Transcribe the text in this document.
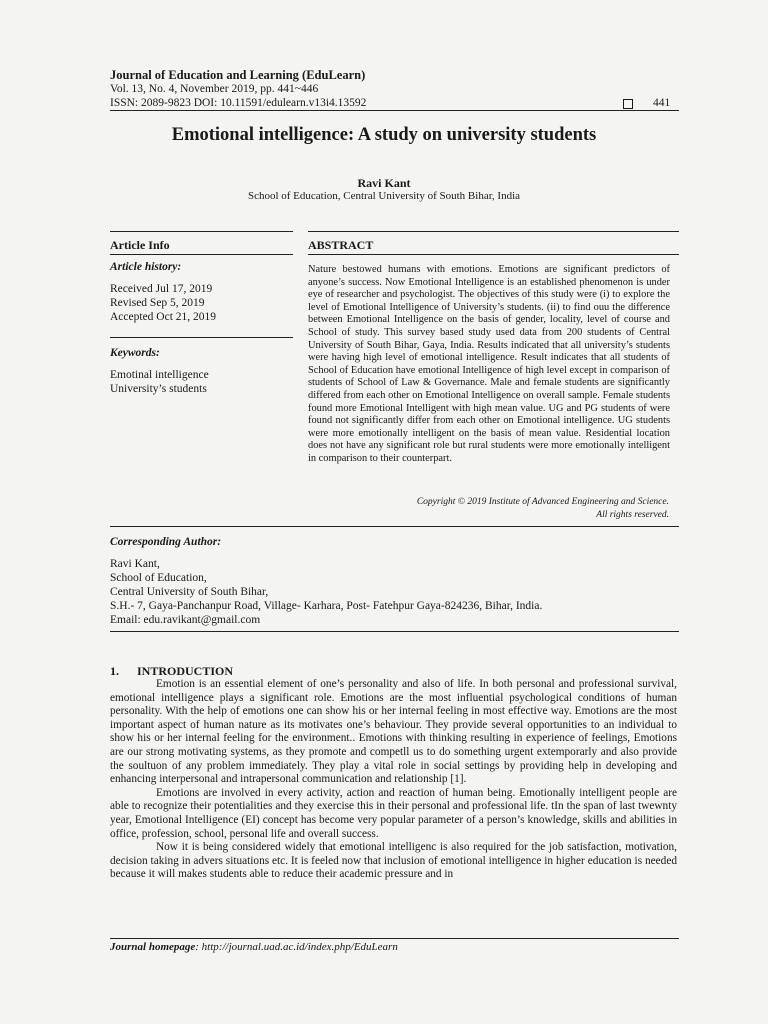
Journal of Education and Learning (EduLearn)
Vol. 13, No. 4, November 2019, pp. 441~446
ISSN: 2089-9823 DOI: 10.11591/edulearn.v13i4.13592	441
Emotional intelligence: A study on university students
Ravi Kant
School of Education, Central University of South Bihar, India
Article Info	ABSTRACT
Article history:
Received Jul 17, 2019
Revised Sep 5, 2019
Accepted Oct 21, 2019
Keywords:
Emotinal intelligence
University’s students
Nature bestowed humans with emotions. Emotions are significant predictors of anyone’s success. Now Emotional Intelligence is an established phenomenon is under eye of researcher and psychologist. The objectives of this study were (i) to explore the level of Emotional Intelligence of University’s students. (ii) to find ouu the difference between Emotional Intelligence on the basis of gender, locality, level of course and School of study. This survey based study used data from 200 students of Central University of South Bihar, Gaya, India. Results indicated that all university’s students were having high level of emotional intelligence. Result indicates that all students of School of Education have emotional Intelligence of high level except in comparison of students of School of Law & Governance. Male and female students are significantly differed from each other on Emotional Intelligence on overall sample. Female students found more Emotional Intelligent with high mean value. UG and PG students of were found not significantly differ from each other on Emotional intelligence. UG students were more emotionally intelligent on the basis of mean value. Residential location does not have any significant role but rural students were more emotionally intelligent in comparison to their counterpart.
Copyright © 2019 Institute of Advanced Engineering and Science.
All rights reserved.
Corresponding Author:
Ravi Kant,
School of Education,
Central University of South Bihar,
S.H.- 7, Gaya-Panchanpur Road, Village- Karhara, Post- Fatehpur Gaya-824236, Bihar, India.
Email: edu.ravikant@gmail.com
1. INTRODUCTION

Emotion is an essential element of one’s personality and also of life. In both personal and professional survival, emotional intelligence plays a significant role. Emotions are the most influential psychological conditions of human personality. With the help of emotions one can show his or her internal feeling in most effective way. Emotions are the most important aspect of human nature as its motivates one’s behaviour. They provide several opportunities to an individual to show his or her internal feeling for the environment.. Emotions with thinking resulting in experience of feelings, Emotions are our strong motivating systems, as they promote and competll us to do something urgent extemporarly and also provide the soultuon of any problem immediately. They play a vital role in social settings by providing help in developing and enhancing interpersonal and intrapersonal communication and relationship [1].

Emotions are involved in every activity, action and reaction of human being. Emotionally intelligent people are able to recognize their potentialities and they exercise this in their personal and professional life. tIn the span of last twewnty year, Emotional Intelligence (EI) concept has become very popular parameter of a person’s knowledge, skills and abilities in office, profession, school, personal life and overall success.

Now it is being considered widely that emotional intelligenc is also required for the job satisfaction, motivation, decision taking in advers situations etc. It is feeled now that inclusion of emotional intelligence in higher education is needed because it will makes students able to reduce their academic pressure and in

Journal homepage: http://journal.uad.ac.id/index.php/EduLearn
